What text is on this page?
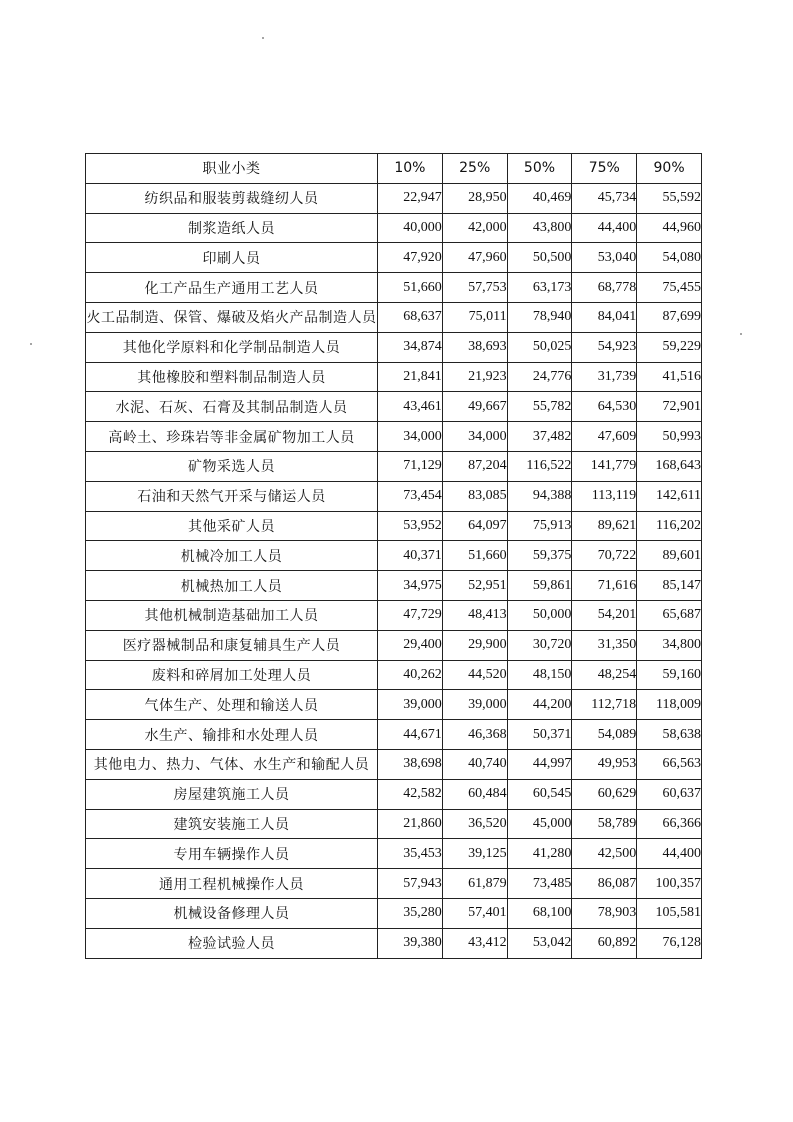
职业小类	10%	25%	50%	75%	90%
纺织品和服装剪裁缝纫人员	22,947	28,950	40,469	45,734	55,592
制浆造纸人员	40,000	42,000	43,800	44,400	44,960
印刷人员	47,920	47,960	50,500	53,040	54,080
化工产品生产通用工艺人员	51,660	57,753	63,173	68,778	75,455
火工品制造、保管、爆破及焰火产品制造人员	68,637	75,011	78,940	84,041	87,699
其他化学原料和化学制品制造人员	34,874	38,693	50,025	54,923	59,229
其他橡胶和塑料制品制造人员	21,841	21,923	24,776	31,739	41,516
水泥、石灰、石膏及其制品制造人员	43,461	49,667	55,782	64,530	72,901
高岭土、珍珠岩等非金属矿物加工人员	34,000	34,000	37,482	47,609	50,993
矿物采选人员	71,129	87,204	116,522	141,779	168,643
石油和天然气开采与储运人员	73,454	83,085	94,388	113,119	142,611
其他采矿人员	53,952	64,097	75,913	89,621	116,202
机械冷加工人员	40,371	51,660	59,375	70,722	89,601
机械热加工人员	34,975	52,951	59,861	71,616	85,147
其他机械制造基础加工人员	47,729	48,413	50,000	54,201	65,687
医疗器械制品和康复辅具生产人员	29,400	29,900	30,720	31,350	34,800
废料和碎屑加工处理人员	40,262	44,520	48,150	48,254	59,160
气体生产、处理和输送人员	39,000	39,000	44,200	112,718	118,009
水生产、输排和水处理人员	44,671	46,368	50,371	54,089	58,638
其他电力、热力、气体、水生产和输配人员	38,698	40,740	44,997	49,953	66,563
房屋建筑施工人员	42,582	60,484	60,545	60,629	60,637
建筑安装施工人员	21,860	36,520	45,000	58,789	66,366
专用车辆操作人员	35,453	39,125	41,280	42,500	44,400
通用工程机械操作人员	57,943	61,879	73,485	86,087	100,357
机械设备修理人员	35,280	57,401	68,100	78,903	105,581
检验试验人员	39,380	43,412	53,042	60,892	76,128
